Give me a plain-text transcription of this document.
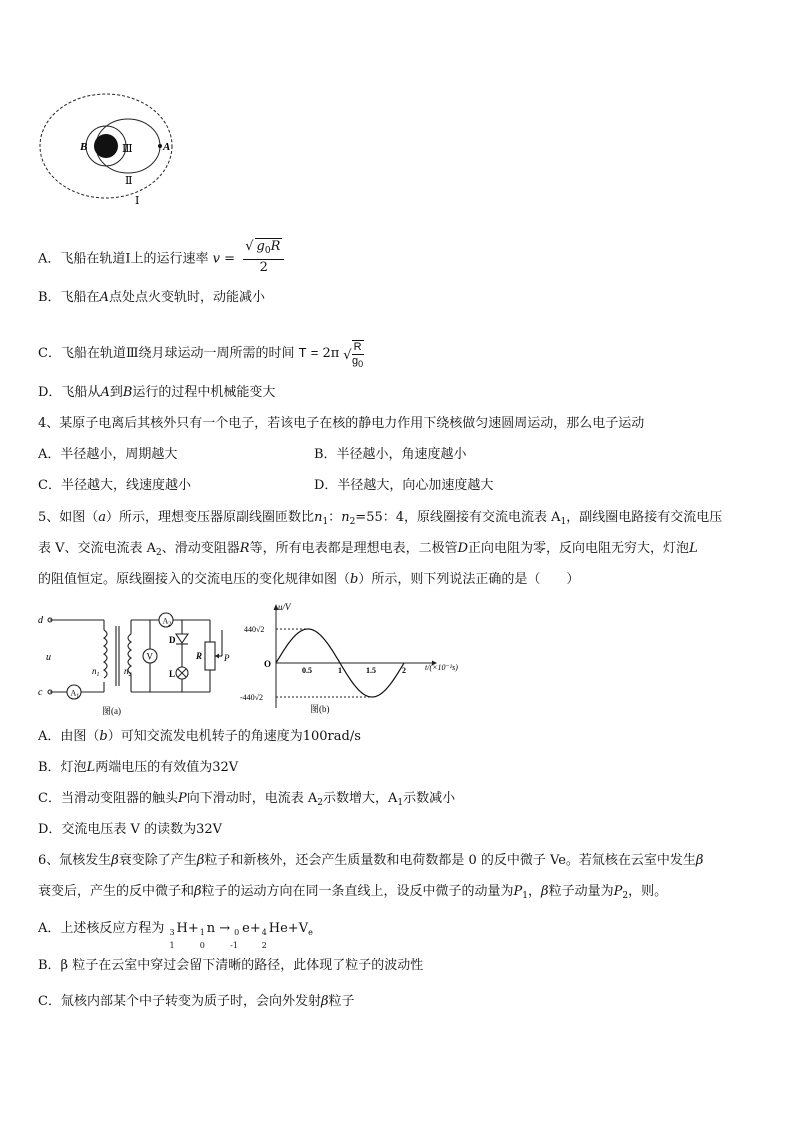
B	A
Ⅲ
Ⅱ
Ⅰ
A．飞船在轨道Ⅰ上的运行速率 $v = \frac{√ g_0R}{2}$
B．飞船在A点处点火变轨时，动能减小
C．飞船在轨道Ⅲ绕月球运动一周所需的时间 T = 2π √ $\frac{R}{g_0}$
D．飞船从A到B运行的过程中机械能变大
4、某原子电离后其核外只有一个电子，若该电子在核的静电力作用下绕核做匀速圆周运动，那么电子运动
A．半径越小，周期越大	B．半径越小，角速度越小
C．半径越大，线速度越小	D．半径越大，向心加速度越大
5、如图（a）所示，理想变压器原副线圈匝数比$n_1$：$n_2=55$：4，原线圈接有交流电流表 $A_1$，副线圈电路接有交流电压
表 V、交流电流表 $A_2$、滑动变阻器R等，所有电表都是理想电表，二极管D正向电阻为零，反向电阻无穷大，灯泡L
的阻值恒定。原线圈接入的交流电压的变化规律如图（b）所示，则下列说法正确的是（　　）
d
u
c	$A_1$
$n_1$	$n_2$
$A_2$
V
D
L
R P
图(a)
0.5	1	1.5	2
440√2
-440√2
u/V
t/(×10⁻²s)
O
图(b)
A．由图（b）可知交流发电机转子的角速度为100rad/s
B．灯泡L两端电压的有效值为32V
C．当滑动变阻器的触头P向下滑动时，电流表 $A_2$示数增大，$A_1$示数减小
D．交流电压表 V 的读数为32V
6、氚核发生β衰变除了产生β粒子和新核外，还会产生质量数和电荷数都是 0 的反中微子 Ve。若氚核在云室中发生β
衰变后，产生的反中微子和β粒子的运动方向在同一条直线上，设反中微子的动量为$P_1$，β粒子动量为$P_2$，则。
A．上述核反应方程为 3
1
H+ 1
0
n → 0
-1
e+ 4
2
$He+V_e$
B．β 粒子在云室中穿过会留下清晰的路径，此体现了粒子的波动性
C．氚核内部某个中子转变为质子时，会向外发射β粒子
